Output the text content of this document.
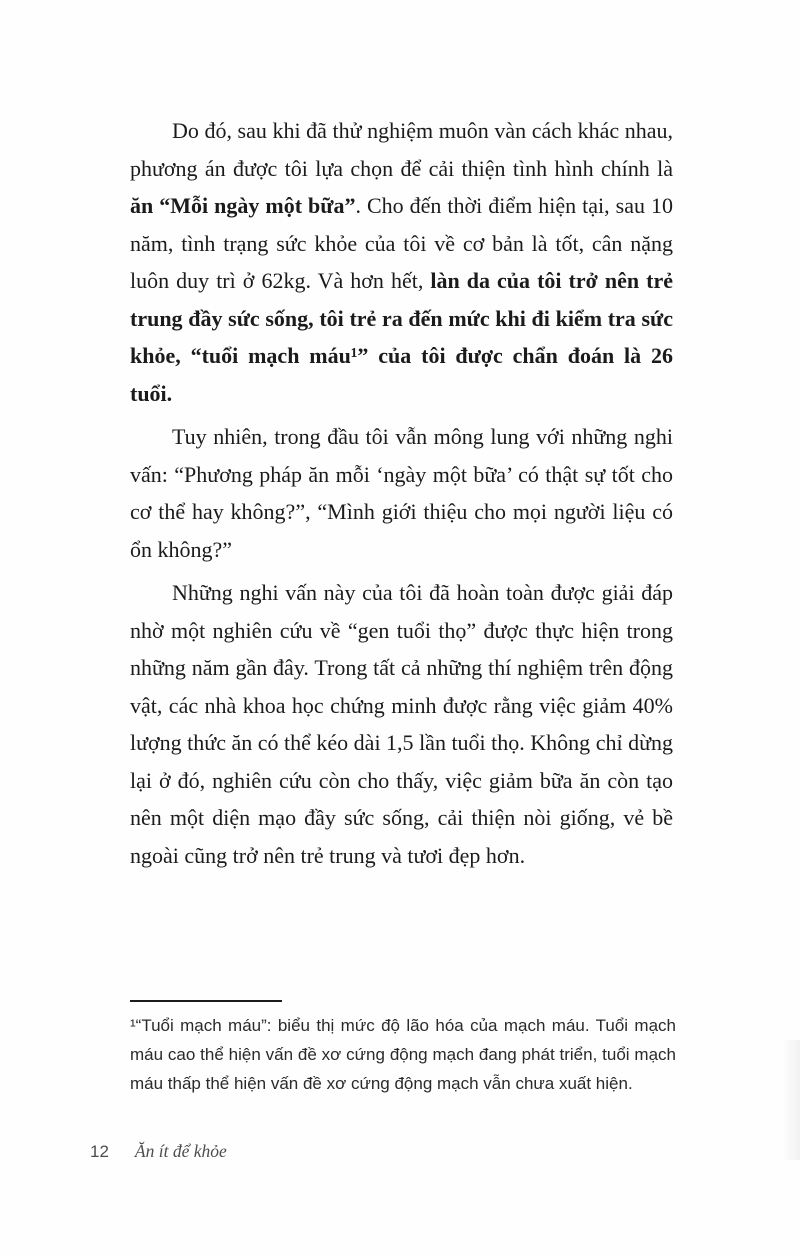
Do đó, sau khi đã thử nghiệm muôn vàn cách khác nhau, phương án được tôi lựa chọn để cải thiện tình hình chính là ăn “Mỗi ngày một bữa”. Cho đến thời điểm hiện tại, sau 10 năm, tình trạng sức khỏe của tôi về cơ bản là tốt, cân nặng luôn duy trì ở 62kg. Và hơn hết, làn da của tôi trở nên trẻ trung đầy sức sống, tôi trẻ ra đến mức khi đi kiểm tra sức khỏe, “tuổi mạch máu¹” của tôi được chẩn đoán là 26 tuổi.

Tuy nhiên, trong đầu tôi vẫn mông lung với những nghi vấn: “Phương pháp ăn mỗi ‘ngày một bữa’ có thật sự tốt cho cơ thể hay không?”, “Mình giới thiệu cho mọi người liệu có ổn không?”

Những nghi vấn này của tôi đã hoàn toàn được giải đáp nhờ một nghiên cứu về “gen tuổi thọ” được thực hiện trong những năm gần đây. Trong tất cả những thí nghiệm trên động vật, các nhà khoa học chứng minh được rằng việc giảm 40% lượng thức ăn có thể kéo dài 1,5 lần tuổi thọ. Không chỉ dừng lại ở đó, nghiên cứu còn cho thấy, việc giảm bữa ăn còn tạo nên một diện mạo đầy sức sống, cải thiện nòi giống, vẻ bề ngoài cũng trở nên trẻ trung và tươi đẹp hơn.

¹“Tuổi mạch máu”: biểu thị mức độ lão hóa của mạch máu. Tuổi mạch máu cao thể hiện vấn đề xơ cứng động mạch đang phát triển, tuổi mạch máu thấp thể hiện vấn đề xơ cứng động mạch vẫn chưa xuất hiện.
12 Ăn ít để khỏe
